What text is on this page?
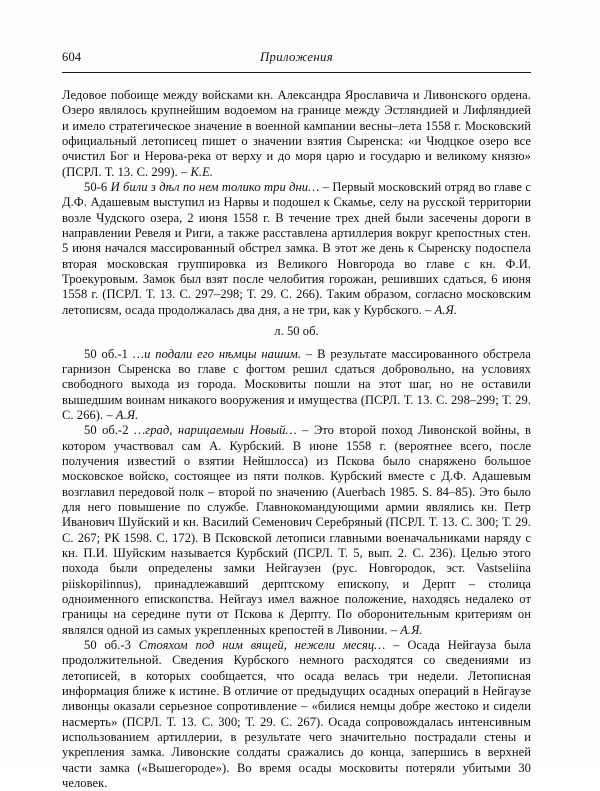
604	Приложения

Ледовое побоище между войсками кн. Александра Ярославича и Ливонского ордена. Озеро являлось крупнейшим водоемом на границе между Эстляндией и Лифляндией и имело стратегическое значение в военной кампании весны–лета 1558 г. Московский официальный летописец пишет о значении взятия Сыренска: «и Чюдцкое озеро все очистил Бог и Нерова-река от верху и до моря царю и государю и великому князю» (ПСРЛ. Т. 13. С. 299). – К.Е.

50-6 И били з дѣл по нем толико три дни… – Первый московский отряд во главе с Д.Ф. Адашевым выступил из Нарвы и подошел к Скамье, селу на русской территории возле Чудского озера, 2 июня 1558 г. В течение трех дней были засечены дороги в направлении Ревеля и Риги, а также расставлена артиллерия вокруг крепостных стен. 5 июня начался массированный обстрел замка. В этот же день к Сыренску подоспела вторая московская группировка из Великого Новгорода во главе с кн. Ф.И. Троекуровым. Замок был взят после челобития горожан, решивших сдаться, 6 июня 1558 г. (ПСРЛ. Т. 13. С. 297–298; Т. 29. С. 266). Таким образом, согласно московским летописям, осада продолжалась два дня, а не три, как у Курбского. – А.Я.

л. 50 об.

50 об.-1 …и подали его нѣмцы нашим. – В результате массированного обстрела гарнизон Сыренска во главе с фогтом решил сдаться добровольно, на условиях свободного выхода из города. Московиты пошли на этот шаг, но не оставили вышедшим воинам никакого вооружения и имущества (ПСРЛ. Т. 13. С. 298–299; Т. 29. С. 266). – А.Я.

50 об.-2 …град, нарицаемыи Новый… – Это второй поход Ливонской войны, в котором участвовал сам А. Курбский. В июне 1558 г. (вероятнее всего, после получения известий о взятии Нейшлосса) из Пскова было снаряжено большое московское войско, состоящее из пяти полков. Курбский вместе с Д.Ф. Адашевым возглавил передовой полк – второй по значению (Auerbach 1985. S. 84–85). Это было для него повышение по службе. Главнокомандующими армии являлись кн. Петр Иванович Шуйский и кн. Василий Семенович Серебряный (ПСРЛ. Т. 13. С. 300; Т. 29. С. 267; РК 1598. С. 172). В Псковской летописи главными военачальниками наряду с кн. П.И. Шуйским называется Курбский (ПСРЛ. Т. 5, вып. 2. С. 236). Целью этого похода были определены замки Нейгаузен (рус. Новгородок, эст. Vastseliina piiskopilinnus), принадлежавший дерптскому епископу, и Дерпт – столица одноименного епископства. Нейгауз имел важное положение, находясь недалеко от границы на середине пути от Пскова к Дерпту. По оборонительным критериям он являлся одной из самых укрепленных крепостей в Ливонии. – А.Я.

50 об.-3 Стояхом под ним вящей, нежели месяц… – Осада Нейгауза была продолжительной. Сведения Курбского немного расходятся со сведениями из летописей, в которых сообщается, что осада велась три недели. Летописная информация ближе к истине. В отличие от предыдущих осадных операций в Нейгаузе ливонцы оказали серьезное сопротивление – «билися немцы добре жестоко и сидели насмерть» (ПСРЛ. Т. 13. С. 300; Т. 29. С. 267). Осада сопровождалась интенсивным использованием артиллерии, в результате чего значительно пострадали стены и укрепления замка. Ливонские солдаты сражались до конца, запершись в верхней части замка («Вышегороде»). Во время осады московиты потеряли убитыми 30 человек.
